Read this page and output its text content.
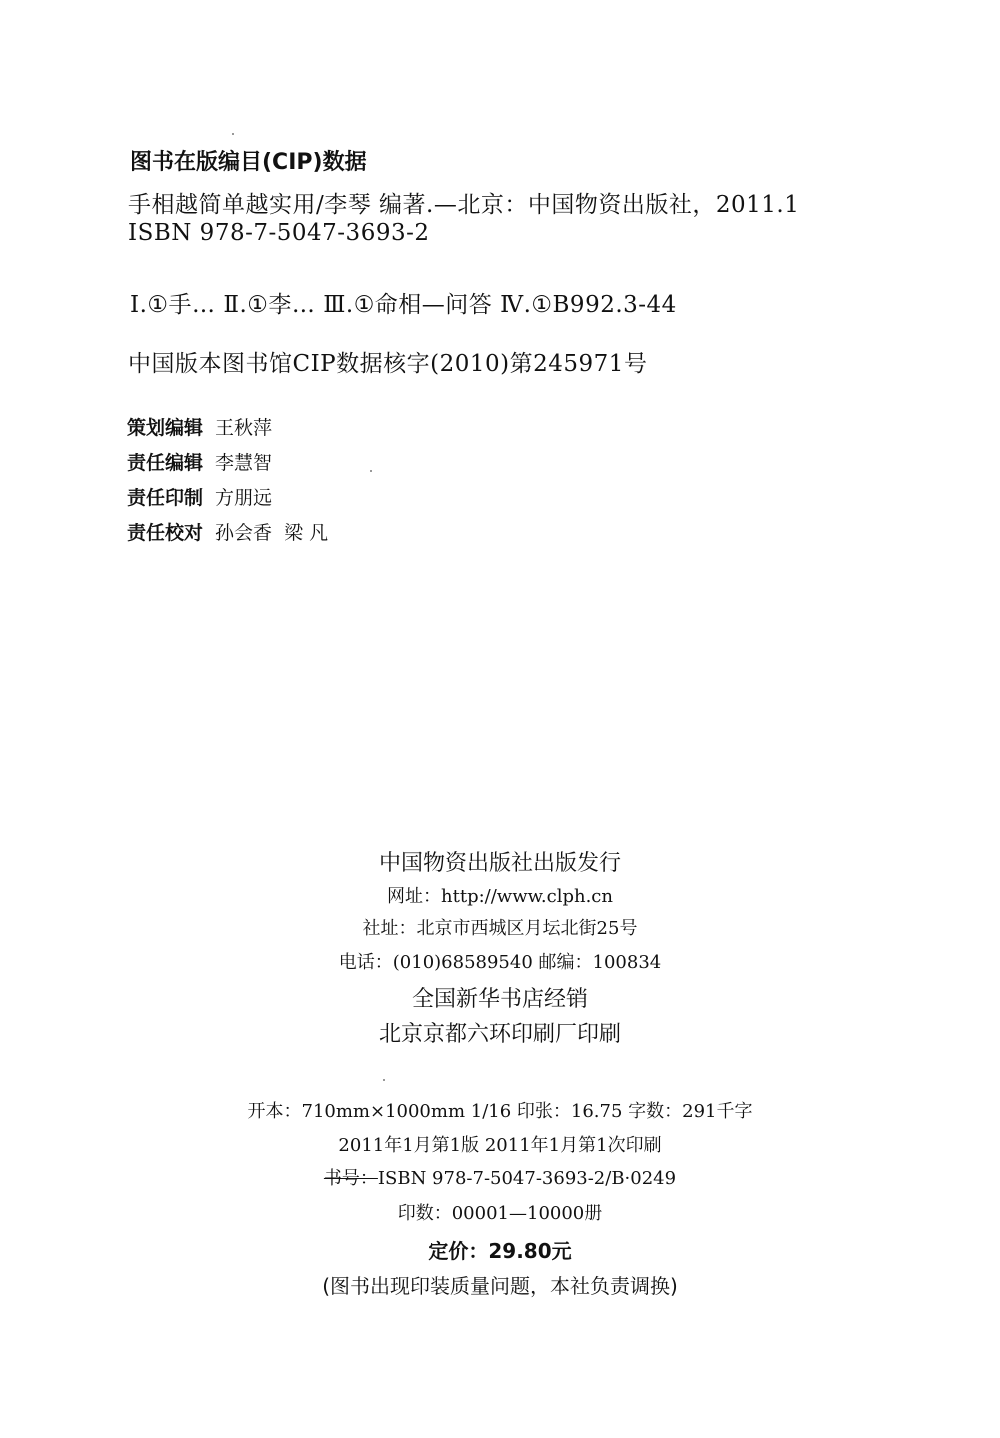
图书在版编目(CIP)数据
手相越简单越实用/李琴 编著.—北京：中国物资出版社，2011.1
ISBN 978-7-5047-3693-2
Ⅰ.①手… Ⅱ.①李… Ⅲ.①命相—问答 Ⅳ.①B992.3-44
中国版本图书馆CIP数据核字(2010)第245971号
策划编辑 王秋萍
责任编辑 李慧智
责任印制 方朋远
责任校对 孙会香  梁 凡
中国物资出版社出版发行
网址：http://www.clph.cn
社址：北京市西城区月坛北街25号
电话：(010)68589540 邮编：100834
全国新华书店经销
北京京都六环印刷厂印刷
开本：710mm×1000mm 1/16 印张：16.75 字数：291千字
2011年1月第1版 2011年1月第1次印刷
书号：ISBN 978-7-5047-3693-2/B·0249
印数：00001—10000册
定价：29.80元
(图书出现印装质量问题，本社负责调换)
